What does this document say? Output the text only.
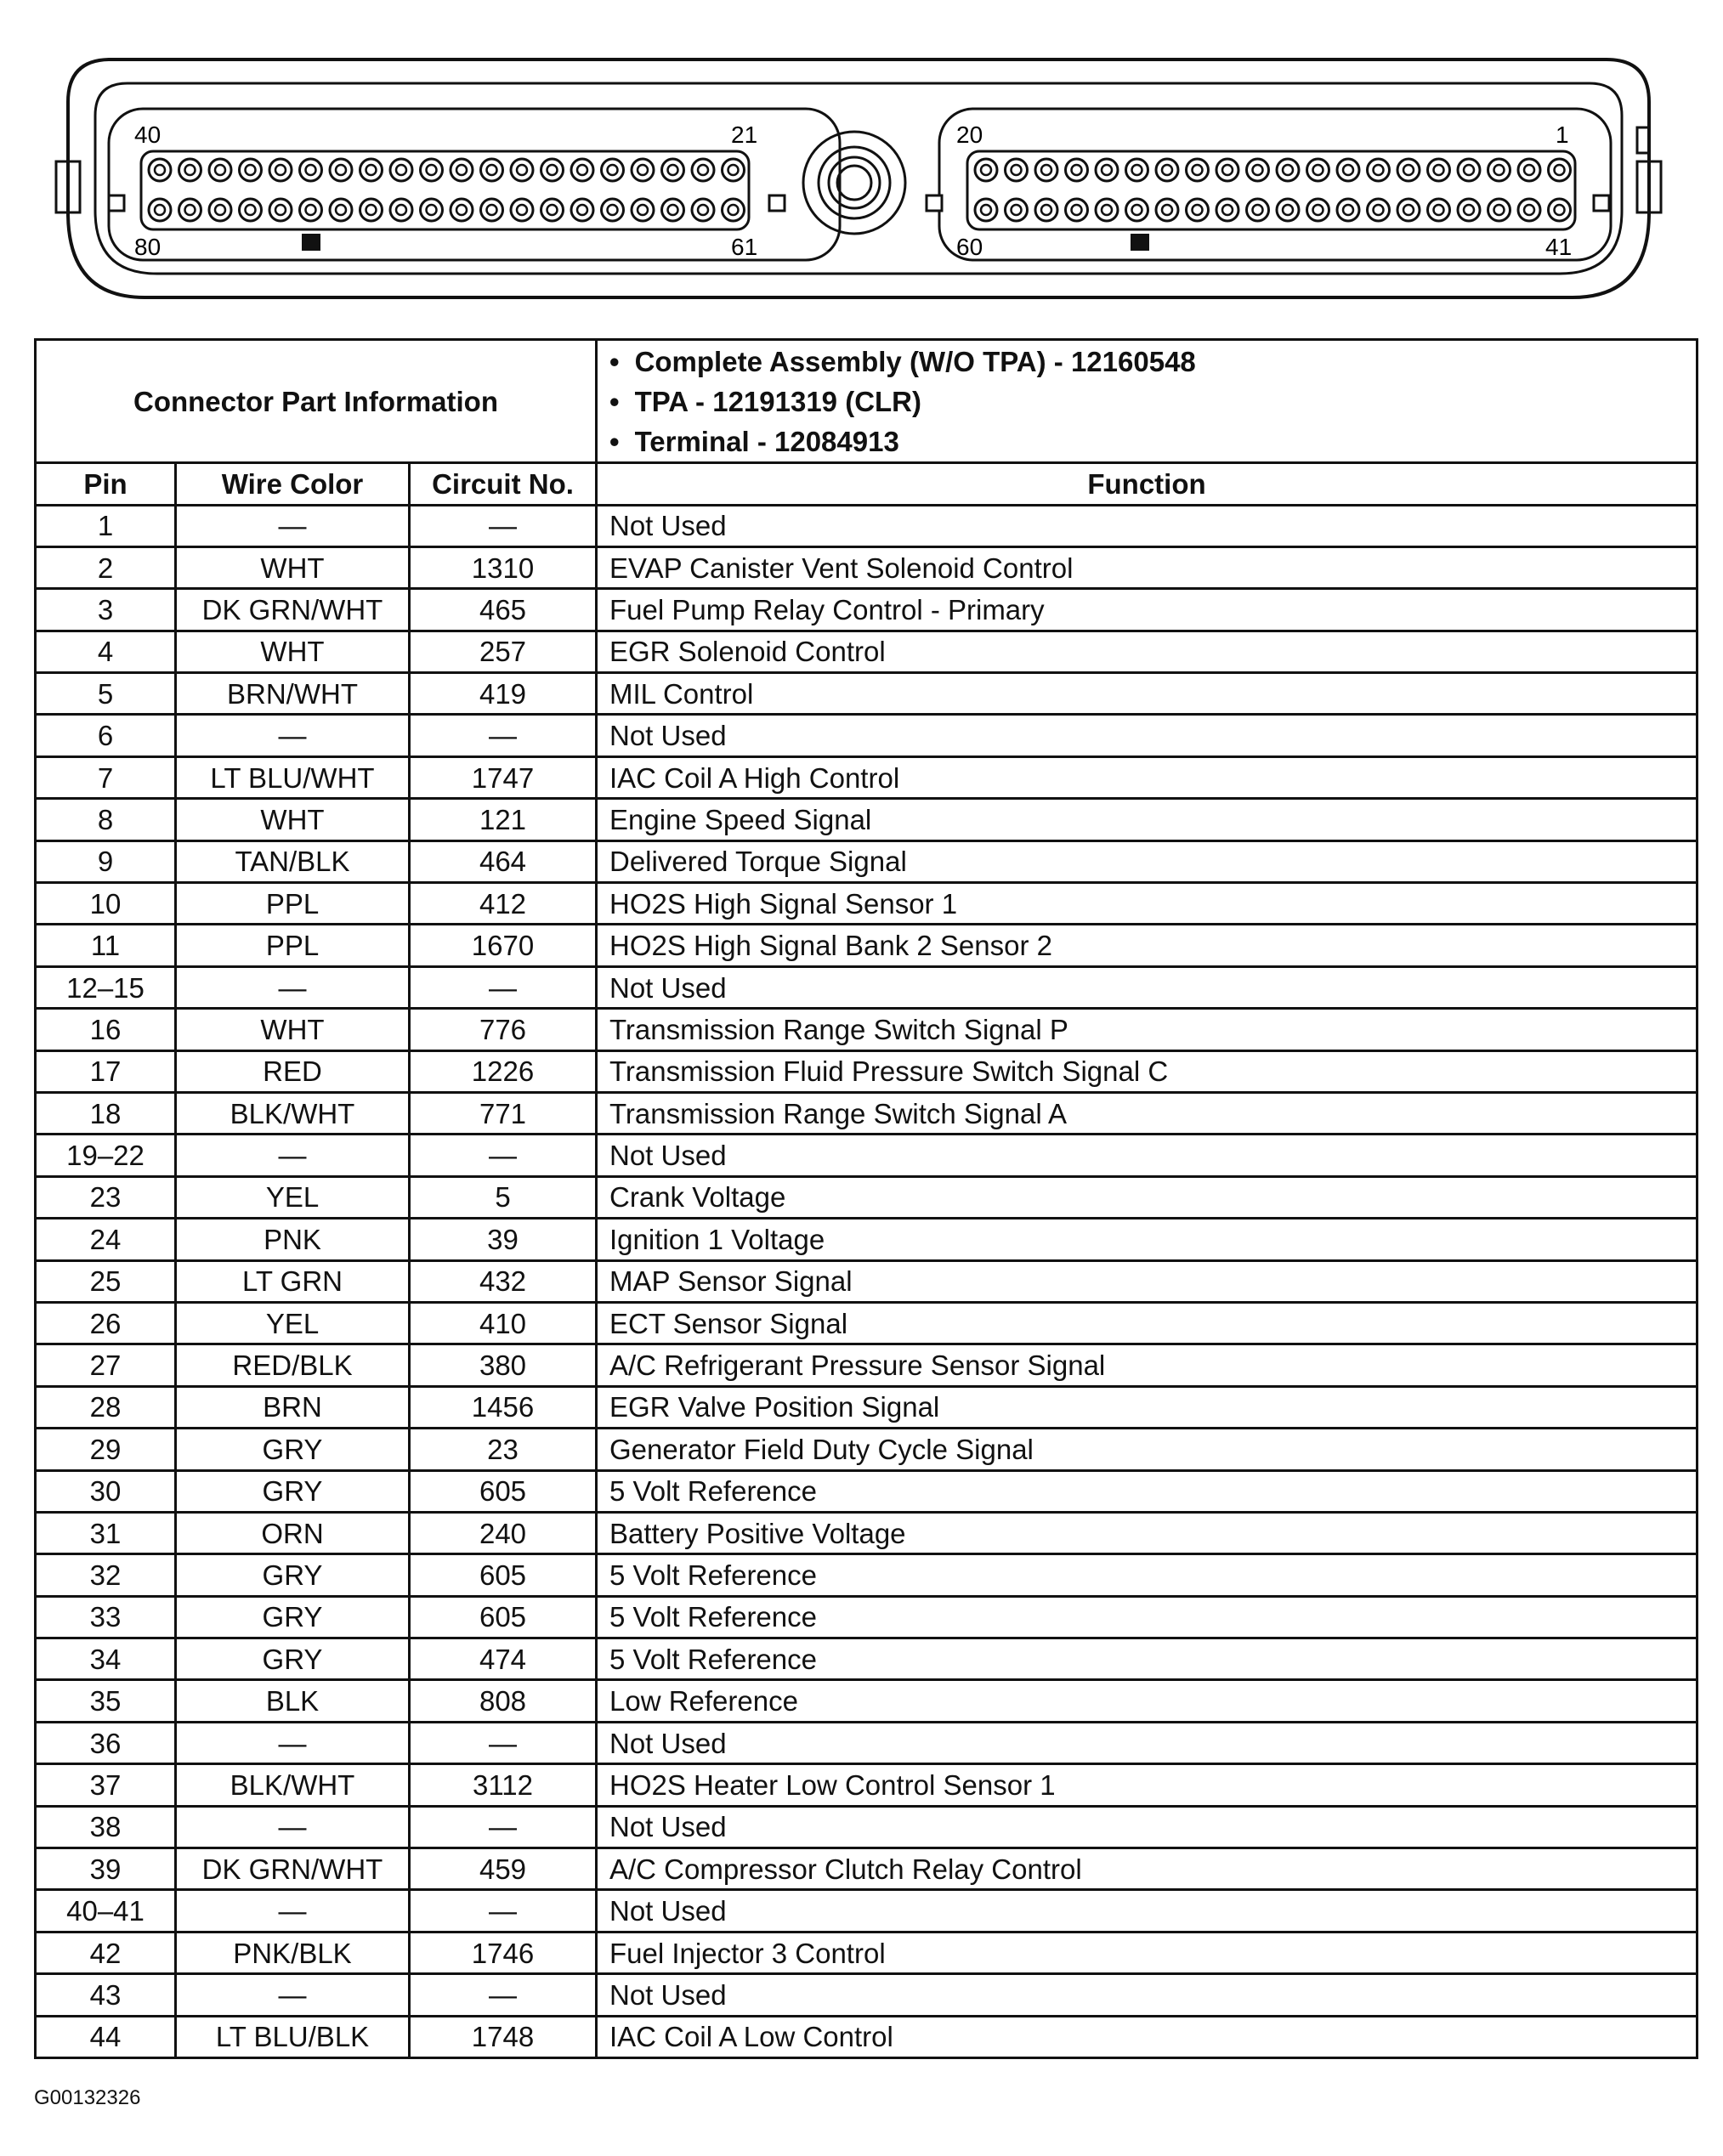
40	21
80	61
20	1
60	41
Connector Part Information			• Complete Assembly (W/O TPA) - 12160548
• TPA - 12191319 (CLR)
• Terminal - 12084913

Pin	Wire Color	Circuit No.	Function
1	—	—	Not Used
2	WHT	1310	EVAP Canister Vent Solenoid Control
3	DK GRN/WHT	465	Fuel Pump Relay Control - Primary
4	WHT	257	EGR Solenoid Control
5	BRN/WHT	419	MIL Control
6	—	—	Not Used
7	LT BLU/WHT	1747	IAC Coil A High Control
8	WHT	121	Engine Speed Signal
9	TAN/BLK	464	Delivered Torque Signal
10	PPL	412	HO2S High Signal Sensor 1
11	PPL	1670	HO2S High Signal Bank 2 Sensor 2
12–15	—	—	Not Used
16	WHT	776	Transmission Range Switch Signal P
17	RED	1226	Transmission Fluid Pressure Switch Signal C
18	BLK/WHT	771	Transmission Range Switch Signal A
19–22	—	—	Not Used
23	YEL	5	Crank Voltage
24	PNK	39	Ignition 1 Voltage
25	LT GRN	432	MAP Sensor Signal
26	YEL	410	ECT Sensor Signal
27	RED/BLK	380	A/C Refrigerant Pressure Sensor Signal
28	BRN	1456	EGR Valve Position Signal
29	GRY	23	Generator Field Duty Cycle Signal
30	GRY	605	5 Volt Reference
31	ORN	240	Battery Positive Voltage
32	GRY	605	5 Volt Reference
33	GRY	605	5 Volt Reference
34	GRY	474	5 Volt Reference
35	BLK	808	Low Reference
36	—	—	Not Used
37	BLK/WHT	3112	HO2S Heater Low Control Sensor 1
38	—	—	Not Used
39	DK GRN/WHT	459	A/C Compressor Clutch Relay Control
40–41	—	—	Not Used
42	PNK/BLK	1746	Fuel Injector 3 Control
43	—	—	Not Used
44	LT BLU/BLK	1748	IAC Coil A Low Control
G00132326
